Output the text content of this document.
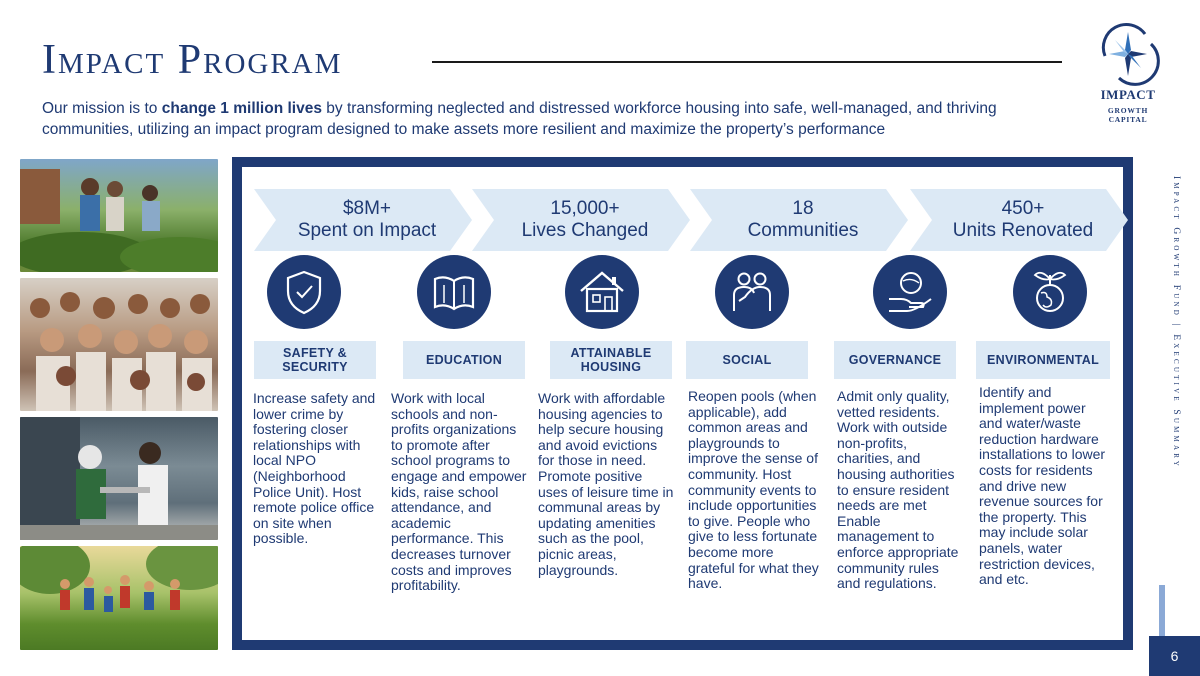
Impact Program
IMPACT
GROWTH CAPITAL

Our mission is to change 1 million lives by transforming neglected and distressed workforce housing into safe, well-managed, and thriving communities, utilizing an impact program designed to make assets more resilient and maximize the property’s performance

$8M+
Spent on Impact
15,000+
Lives Changed
18
Communities
450+
Units Renovated
SAFETY & SECURITY	EDUCATION	ATTAINABLE HOUSING	SOCIAL	GOVERNANCE	ENVIRONMENTAL
Increase safety and lower crime by fostering closer relationships with local NPO (Neighborhood Police Unit). Host remote police office on site when possible.
Work with local schools and non-profits organizations to promote after school programs to engage and empower kids, raise school attendance, and academic performance. This decreases turnover costs and improves profitability.
Work with affordable housing agencies to help secure housing and avoid evictions for those in need. Promote positive uses of leisure time in communal areas by updating amenities such as the pool, picnic areas, playgrounds.
Reopen pools (when applicable), add common areas and playgrounds to improve the sense of community. Host community events to include opportunities to give. People who give to less fortunate become more grateful for what they have.
Admit only quality, vetted residents. Work with outside non-profits, charities, and housing authorities to ensure resident needs are met Enable management to enforce appropriate community rules and regulations.
Identify and implement power and water/waste reduction hardware installations to lower costs for residents and drive new revenue sources for the property. This may include solar panels, water restriction devices, and etc.
Impact Growth Fund | Executive Summary
6
